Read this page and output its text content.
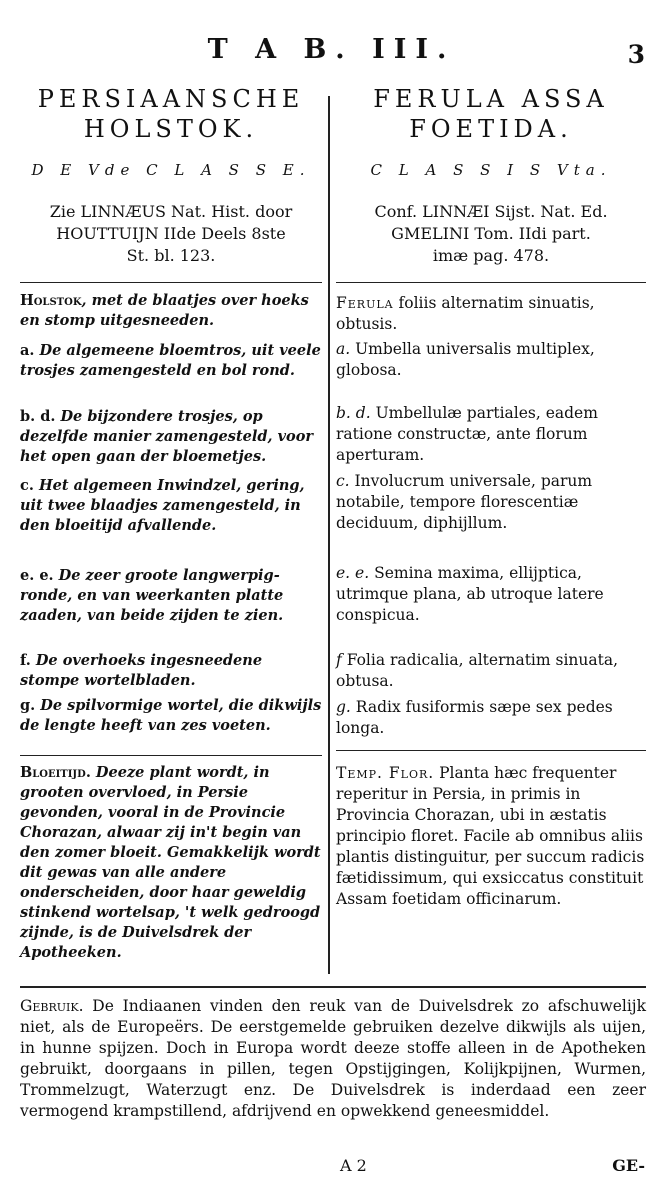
T A B. III.	3
PERSIAANSCHE
HOLSTOK.
D E Vde C L A S S E.
Zie LINNÆUS Nat. Hist. door
HOUTTUIJN IIde Deels 8ste
St. bl. 123.
Holstok, met de blaatjes over hoeks en stomp uitgesneeden.
a. De algemeene bloemtros, uit veele trosjes zamengesteld en bol rond.
b. d. De bijzondere trosjes, op dezelfde manier zamengesteld, voor het open gaan der bloemetjes.
c. Het algemeen Inwindzel, gering, uit twee blaadjes zamengesteld, in den bloeitijd afvallende.
e. e. De zeer groote langwerpig-ronde, en van weerkanten platte zaaden, van beide zijden te zien.
f. De overhoeks ingesneedene stompe wortelbladen.
g. De spilvormige wortel, die dikwijls de lengte heeft van zes voeten.
Bloeitijd. Deeze plant wordt, in grooten overvloed, in Persie gevonden, vooral in de Provincie Chorazan, alwaar zij in't begin van den zomer bloeit. Gemakkelijk wordt dit gewas van alle andere onderscheiden, door haar geweldig stinkend wortelsap, 't welk gedroogd zijnde, is de Duivelsdrek der Apotheeken.
FERULA ASSA
FOETIDA.
C L A S S I S Vta.
Conf. LINNÆI Sijst. Nat. Ed.
GMELINI Tom. IIdi part.
imæ pag. 478.
Ferula foliis alternatim sinuatis, obtusis.
a. Umbella universalis multiplex, globosa.
b. d. Umbellulæ partiales, eadem ratione constructæ, ante florum aperturam.
c. Involucrum universale, parum notabile, tempore florescentiæ deciduum, diphijllum.
e. e. Semina maxima, ellijptica, utrimque plana, ab utroque latere conspicua.
f Folia radicalia, alternatim sinuata, obtusa.
g. Radix fusiformis sæpe sex pedes longa.
Temp. Flor. Planta hæc frequenter reperitur in Persia, in primis in Provincia Chorazan, ubi in æstatis principio floret. Facile ab omnibus aliis plantis distinguitur, per succum radicis fætidissimum, qui exsiccatus constituit Assam foetidam officinarum.
Gebruik. De Indiaanen vinden den reuk van de Duivelsdrek zo afschuwelijk niet, als de Europeërs. De eerstgemelde gebruiken dezelve dikwijls als uijen, in hunne spijzen. Doch in Europa wordt deeze stoffe alleen in de Apotheken gebruikt, doorgaans in pillen, tegen Opstijgingen, Kolijkpijnen, Wurmen, Trommelzugt, Waterzugt enz. De Duivelsdrek is inderdaad een zeer vermogend krampstillend, afdrijvend en opwekkend geneesmiddel.
A 2	GE-
